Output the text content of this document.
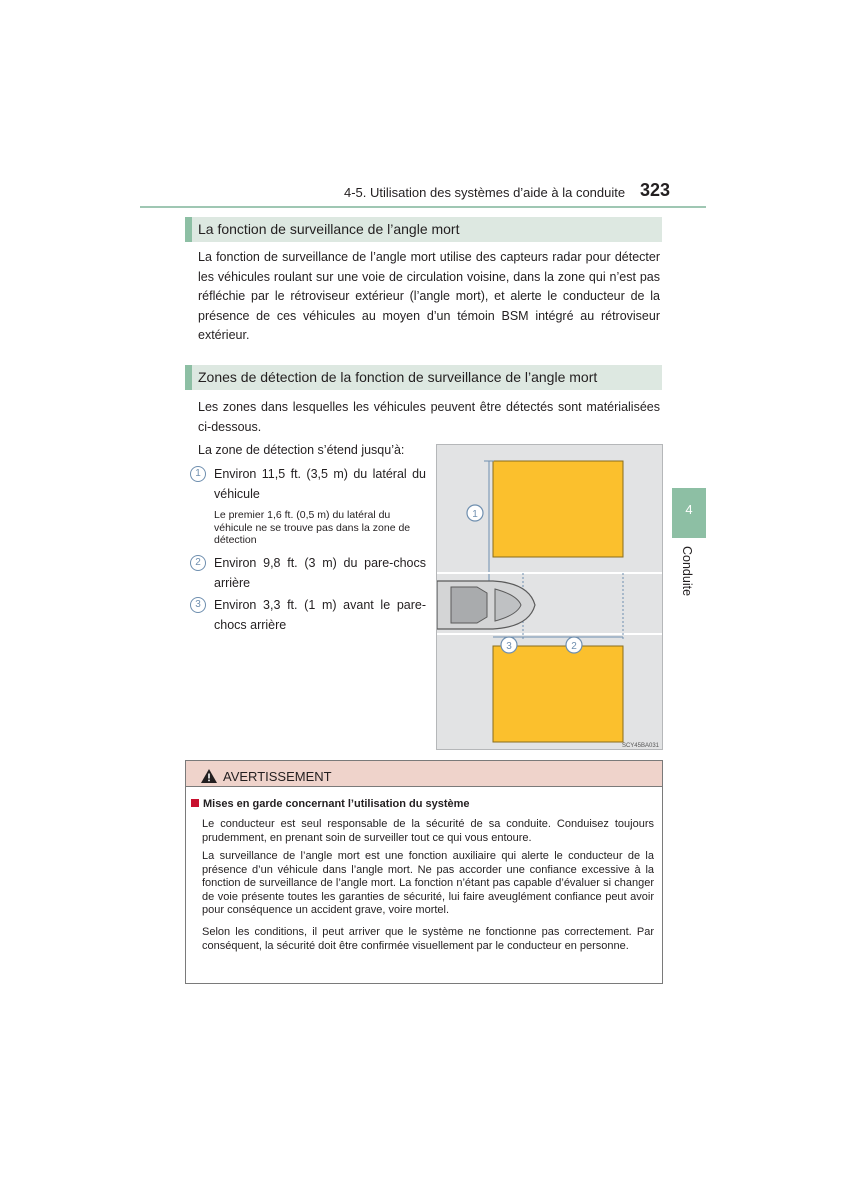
4-5. Utilisation des systèmes d’aide à la conduite 323
4
Conduite
La fonction de surveillance de l’angle mort

La fonction de surveillance de l’angle mort utilise des capteurs radar pour détecter les véhicules roulant sur une voie de circulation voisine, dans la zone qui n’est pas réfléchie par le rétroviseur extérieur (l’angle mort), et alerte le conducteur de la présence de ces véhicules au moyen d’un témoin BSM intégré au rétroviseur extérieur.

Zones de détection de la fonction de surveillance de l’angle mort

Les zones dans lesquelles les véhicules peuvent être détectés sont matérialisées ci-dessous.

La zone de détection s’étend jusqu’à:

1	Environ 11,5 ft. (3,5 m) du latéral du véhicule

Le premier 1,6 ft. (0,5 m) du latéral du véhicule ne se trouve pas dans la zone de détection

2	Environ 9,8 ft. (3 m) du pare-chocs arrière

3	Environ 3,3 ft. (1 m) avant le pare-chocs arrière

1
2
3
SCY45BA031
AVERTISSEMENT
Mises en garde concernant l’utilisation du système

Le conducteur est seul responsable de la sécurité de sa conduite. Conduisez toujours prudemment, en prenant soin de surveiller tout ce qui vous entoure.

La surveillance de l’angle mort est une fonction auxiliaire qui alerte le conducteur de la présence d’un véhicule dans l’angle mort. Ne pas accorder une confiance excessive à la fonction de surveillance de l’angle mort. La fonction n’étant pas capable d’évaluer si changer de voie présente toutes les garanties de sécurité, lui faire aveuglément confiance peut avoir pour conséquence un accident grave, voire mortel.

Selon les conditions, il peut arriver que le système ne fonctionne pas correctement. Par conséquent, la sécurité doit être confirmée visuellement par le conducteur en personne.
